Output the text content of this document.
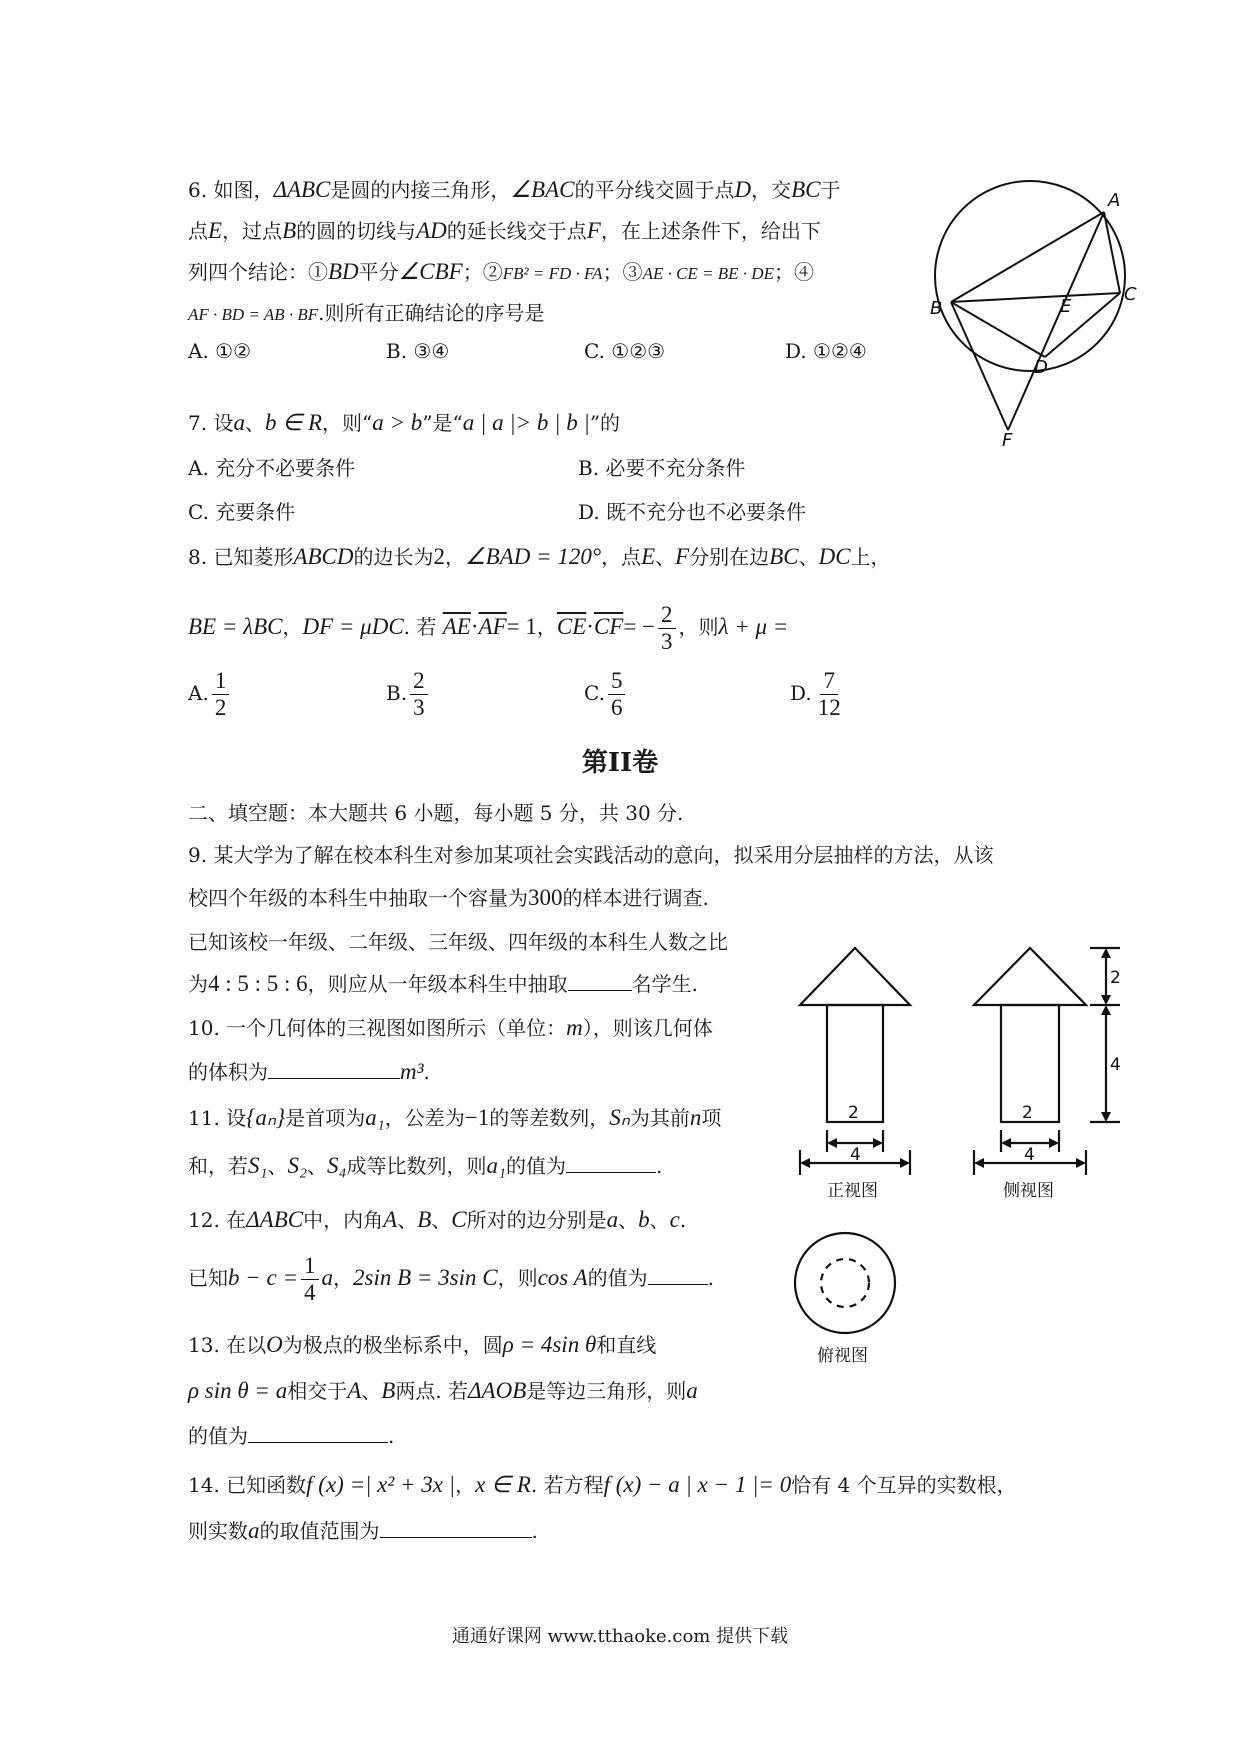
6. 如图，ΔABC是圆的内接三角形，∠BAC的平分线交圆于点D，交BC于
点E，过点B的圆的切线与AD的延长线交于点F，在上述条件下，给出下
列四个结论：①BD平分∠CBF；②FB² = FD · FA；③AE · CE = BE · DE；④
AF · BD = AB · BF.则所有正确结论的序号是
A. ①②	B. ③④	C. ①②③	D. ①②④
A
B
C
D
E
F
7. 设a、b ∈ R，则“a > b”是“a | a |> b | b |”的
A. 充分不必要条件	B. 必要不充分条件
C. 充要条件	D. 既不充分也不必要条件
8. 已知菱形ABCD的边长为2，∠BAD = 120°，点E、F分别在边BC、DC上，
BE = λBC，DF = μDC. 若 $\overline{AE}\cdot\overline{AF}= 1$，$\overline{CE}\cdot\overline{CF}= - \frac{2}{3}$ ，则λ + μ =
A. $\frac{1}{2}$	B. $\frac{2}{3}$	C. $\frac{5}{6}$	D. $\frac{7}{12}$
第II卷
二、填空题：本大题共 6 小题，每小题 5 分，共 30 分.
9. 某大学为了解在校本科生对参加某项社会实践活动的意向，拟采用分层抽样的方法，从该
校四个年级的本科生中抽取一个容量为300的样本进行调查.
已知该校一年级、二年级、三年级、四年级的本科生人数之比
为4 : 5 : 5 : 6，则应从一年级本科生中抽取	名学生.
10. 一个几何体的三视图如图所示（单位：m），则该几何体
的体积为	m³.
11. 设{aₙ}是首项为a₁，公差为−1的等差数列，Sₙ为其前n项
和，若S₁、S₂、S₄成等比数列，则a₁的值为	.
12. 在ΔABC中，内角A、B、C所对的边分别是a、b、c.
已知$b - c = \frac{1}{4}$ a，2sin B = 3sin C，则cos A的值为	.
13. 在以O为极点的极坐标系中，圆ρ = 4sin θ和直线
ρ sin θ = a相交于A、B两点. 若ΔAOB是等边三角形，则a
的值为	.
14. 已知函数f (x) =| x² + 3x |，x ∈ R. 若方程f (x) − a | x − 1 |= 0恰有 4 个互异的实数根，
则实数a的取值范围为	.
2
4
2
4
2
4
正视图	侧视图
俯视图
通通好课网 www.tthaoke.com 提供下载
